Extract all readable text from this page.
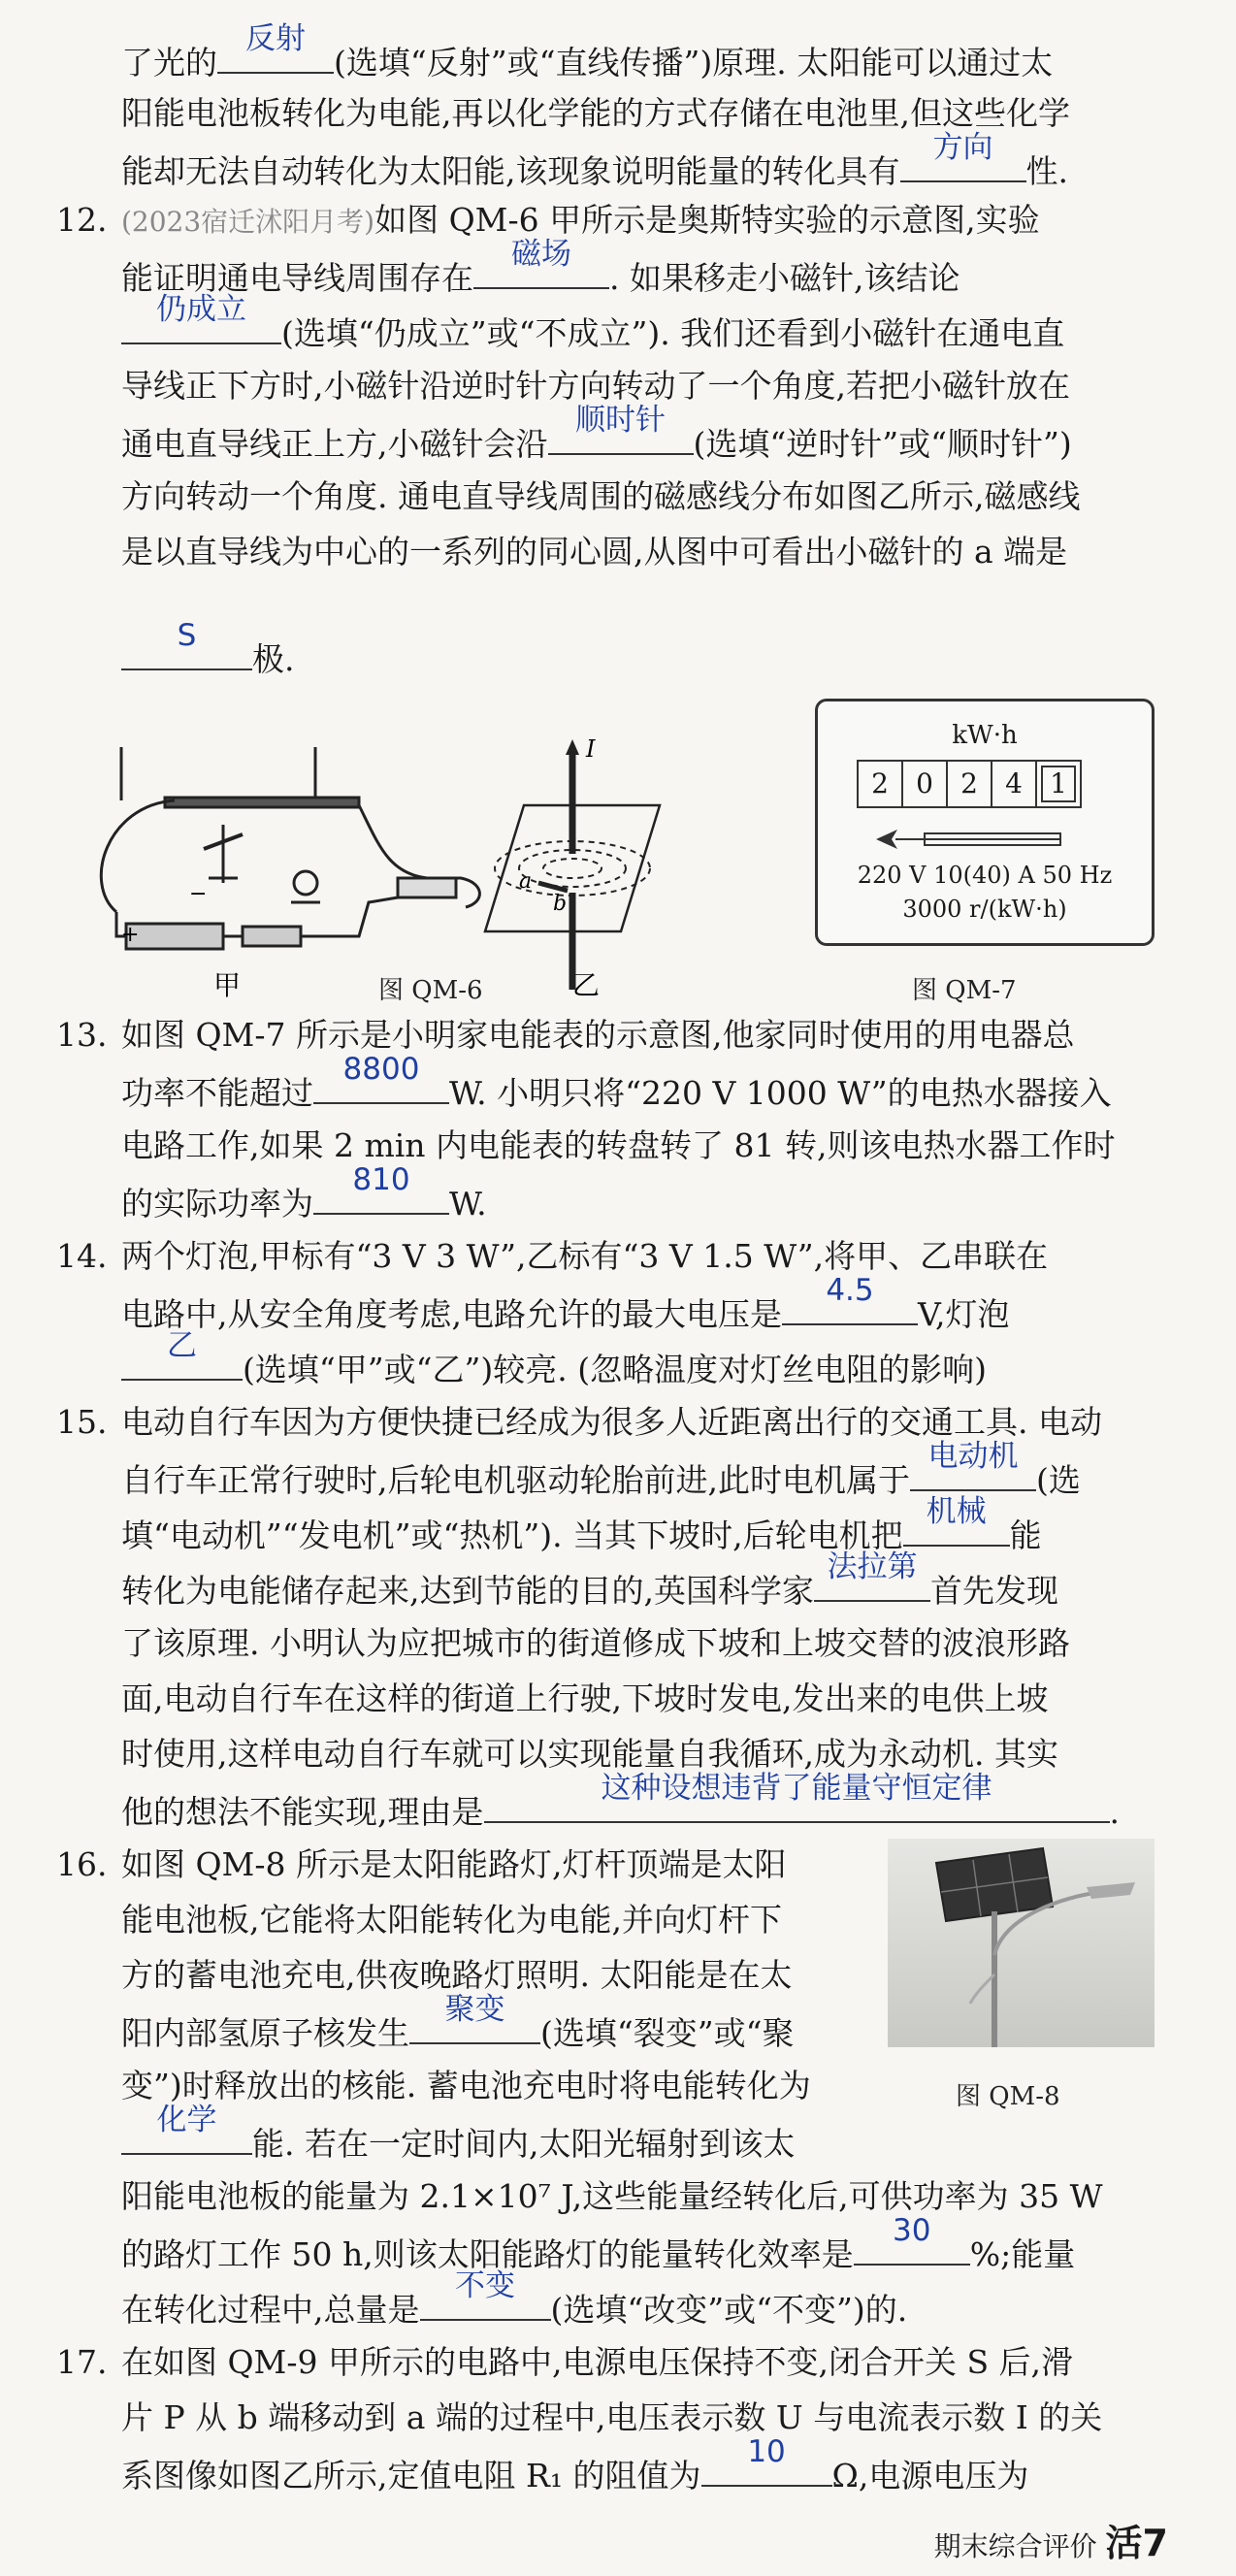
了光的
反射
(选填“反射”或“直线传播”)原理. 太阳能可以通过太
阳能电池板转化为电能,再以化学能的方式存储在电池里,但这些化学
能却无法自动转化为太阳能,该现象说明能量的转化具有
方向
性.
12. (2023宿迁沭阳月考)如图 QM-6 甲所示是奥斯特实验的示意图,实验
能证明通电导线周围存在
磁场
. 如果移走小磁针,该结论
仍成立
(选填“仍成立”或“不成立”). 我们还看到小磁针在通电直
导线正下方时,小磁针沿逆时针方向转动了一个角度,若把小磁针放在
通电直导线正上方,小磁针会沿
顺时针
(选填“逆时针”或“顺时针”)
方向转动一个角度. 通电直导线周围的磁感线分布如图乙所示,磁感线
是以直导线为中心的一系列的同心圆,从图中可看出小磁针的 a 端是
S
极.
+
−
甲
I
a
b
乙
图 QM-6
kW·h
2	0	2	4	1
220 V 10(40) A 50 Hz
3000 r/(kW·h)
图 QM-7
13. 如图 QM-7 所示是小明家电能表的示意图,他家同时使用的用电器总
功率不能超过
8800
W. 小明只将“220 V 1000 W”的电热水器接入
电路工作,如果 2 min 内电能表的转盘转了 81 转,则该电热水器工作时
的实际功率为
810
W.
14. 两个灯泡,甲标有“3 V 3 W”,乙标有“3 V 1.5 W”,将甲、乙串联在
电路中,从安全角度考虑,电路允许的最大电压是
4.5
V,灯泡
乙
(选填“甲”或“乙”)较亮. (忽略温度对灯丝电阻的影响)
15. 电动自行车因为方便快捷已经成为很多人近距离出行的交通工具. 电动
自行车正常行驶时,后轮电机驱动轮胎前进,此时电机属于
电动机
(选
填“电动机”“发电机”或“热机”). 当其下坡时,后轮电机把
机械
能
转化为电能储存起来,达到节能的目的,英国科学家
法拉第
首先发现
了该原理. 小明认为应把城市的街道修成下坡和上坡交替的波浪形路
面,电动自行车在这样的街道上行驶,下坡时发电,发出来的电供上坡
时使用,这样电动自行车就可以实现能量自我循环,成为永动机. 其实
他的想法不能实现,理由是
这种设想违背了能量守恒定律
.
16. 如图 QM-8 所示是太阳能路灯,灯杆顶端是太阳
能电池板,它能将太阳能转化为电能,并向灯杆下
方的蓄电池充电,供夜晚路灯照明. 太阳能是在太
阳内部氢原子核发生
聚变
(选填“裂变”或“聚
变”)时释放出的核能. 蓄电池充电时将电能转化为
化学
能. 若在一定时间内,太阳光辐射到该太
阳能电池板的能量为 2.1×10⁷ J,这些能量经转化后,可供功率为 35 W
的路灯工作 50 h,则该太阳能路灯的能量转化效率是
30
%;能量
在转化过程中,总量是
不变
(选填“改变”或“不变”)的.
图 QM-8
17. 在如图 QM-9 甲所示的电路中,电源电压保持不变,闭合开关 S 后,滑
片 P 从 b 端移动到 a 端的过程中,电压表示数 U 与电流表示数 I 的关
系图像如图乙所示,定值电阻 R₁ 的阻值为
10
Ω,电源电压为
期末综合评价 活7
